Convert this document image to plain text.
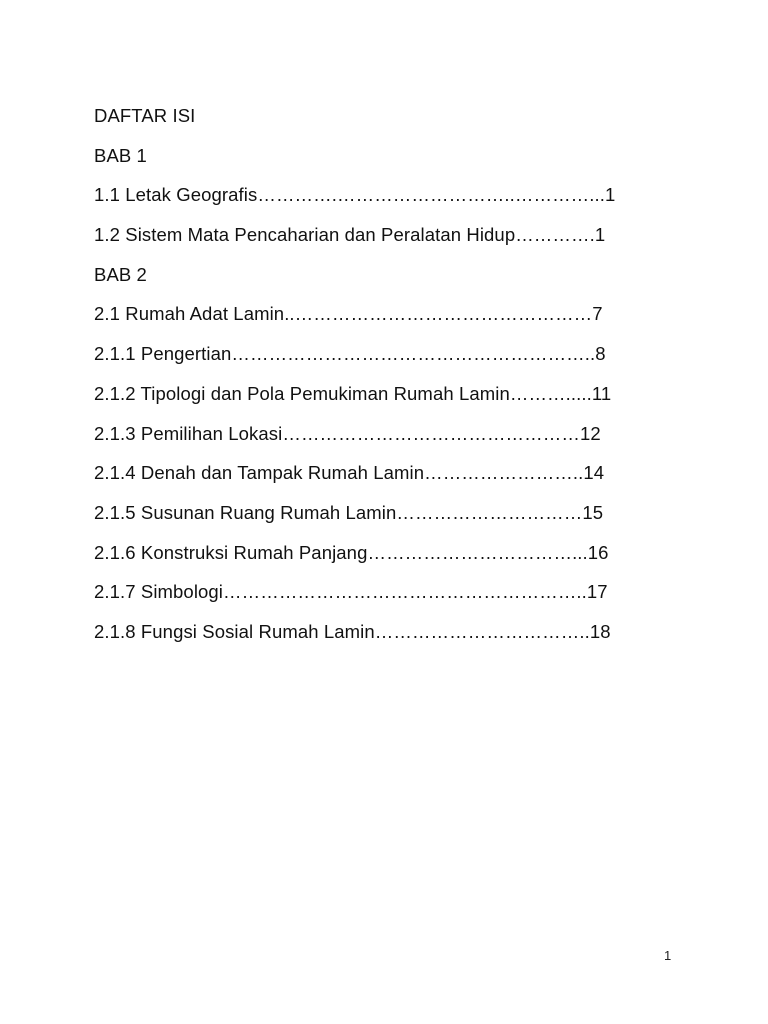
DAFTAR ISI
BAB 1
1.1 Letak Geografis………….………………………..…………...1
1.2 Sistem Mata Pencaharian dan Peralatan Hidup………….1
BAB 2
2.1 Rumah Adat Lamin..…………………………………………7
2.1.1 Pengertian…………………………………………………..8
2.1.2 Tipologi dan Pola Pemukiman Rumah Lamin……….....11
2.1.3 Pemilihan Lokasi…………………………………………12
2.1.4 Denah dan Tampak Rumah Lamin……………………..14
2.1.5 Susunan Ruang Rumah Lamin…………………………15
2.1.6 Konstruksi Rumah Panjang……………………………...16
2.1.7 Simbologi…………………………………………………..17
2.1.8 Fungsi Sosial Rumah Lamin……………………………..18
1
